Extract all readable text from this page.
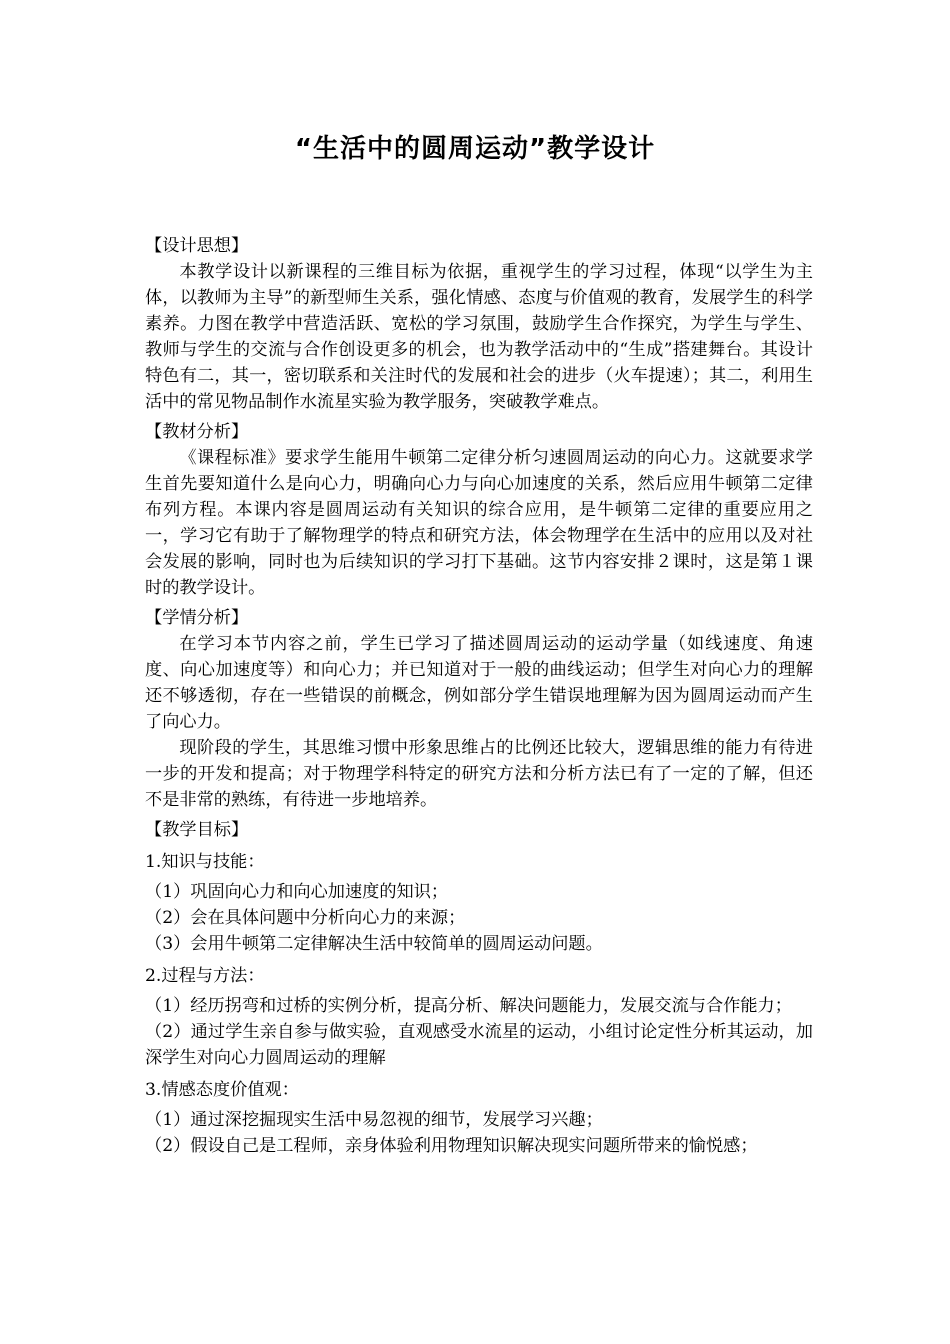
“生活中的圆周运动”教学设计

【设计思想】

本教学设计以新课程的三维目标为依据，重视学生的学习过程，体现“以学生为主体，以教师为主导”的新型师生关系，强化情感、态度与价值观的教育，发展学生的科学素养。力图在教学中营造活跃、宽松的学习氛围，鼓励学生合作探究，为学生与学生、教师与学生的交流与合作创设更多的机会，也为教学活动中的“生成”搭建舞台。其设计特色有二，其一，密切联系和关注时代的发展和社会的进步（火车提速）；其二，利用生活中的常见物品制作水流星实验为教学服务，突破教学难点。

【教材分析】

《课程标准》要求学生能用牛顿第二定律分析匀速圆周运动的向心力。这就要求学生首先要知道什么是向心力，明确向心力与向心加速度的关系，然后应用牛顿第二定律布列方程。本课内容是圆周运动有关知识的综合应用，是牛顿第二定律的重要应用之一，学习它有助于了解物理学的特点和研究方法，体会物理学在生活中的应用以及对社会发展的影响，同时也为后续知识的学习打下基础。这节内容安排２课时，这是第１课时的教学设计。

【学情分析】

在学习本节内容之前，学生已学习了描述圆周运动的运动学量（如线速度、角速度、向心加速度等）和向心力；并已知道对于一般的曲线运动；但学生对向心力的理解还不够透彻，存在一些错误的前概念，例如部分学生错误地理解为因为圆周运动而产生了向心力。

现阶段的学生，其思维习惯中形象思维占的比例还比较大，逻辑思维的能力有待进一步的开发和提高；对于物理学科特定的研究方法和分析方法已有了一定的了解，但还不是非常的熟练，有待进一步地培养。

【教学目标】

1.知识与技能：

（1）巩固向心力和向心加速度的知识；

（2）会在具体问题中分析向心力的来源；

（3）会用牛顿第二定律解决生活中较简单的圆周运动问题。

2.过程与方法：

（1）经历拐弯和过桥的实例分析，提高分析、解决问题能力，发展交流与合作能力；

（2）通过学生亲自参与做实验，直观感受水流星的运动，小组讨论定性分析其运动，加深学生对向心力圆周运动的理解

3.情感态度价值观：

（1）通过深挖掘现实生活中易忽视的细节，发展学习兴趣；

（2）假设自己是工程师，亲身体验利用物理知识解决现实问题所带来的愉悦感；
